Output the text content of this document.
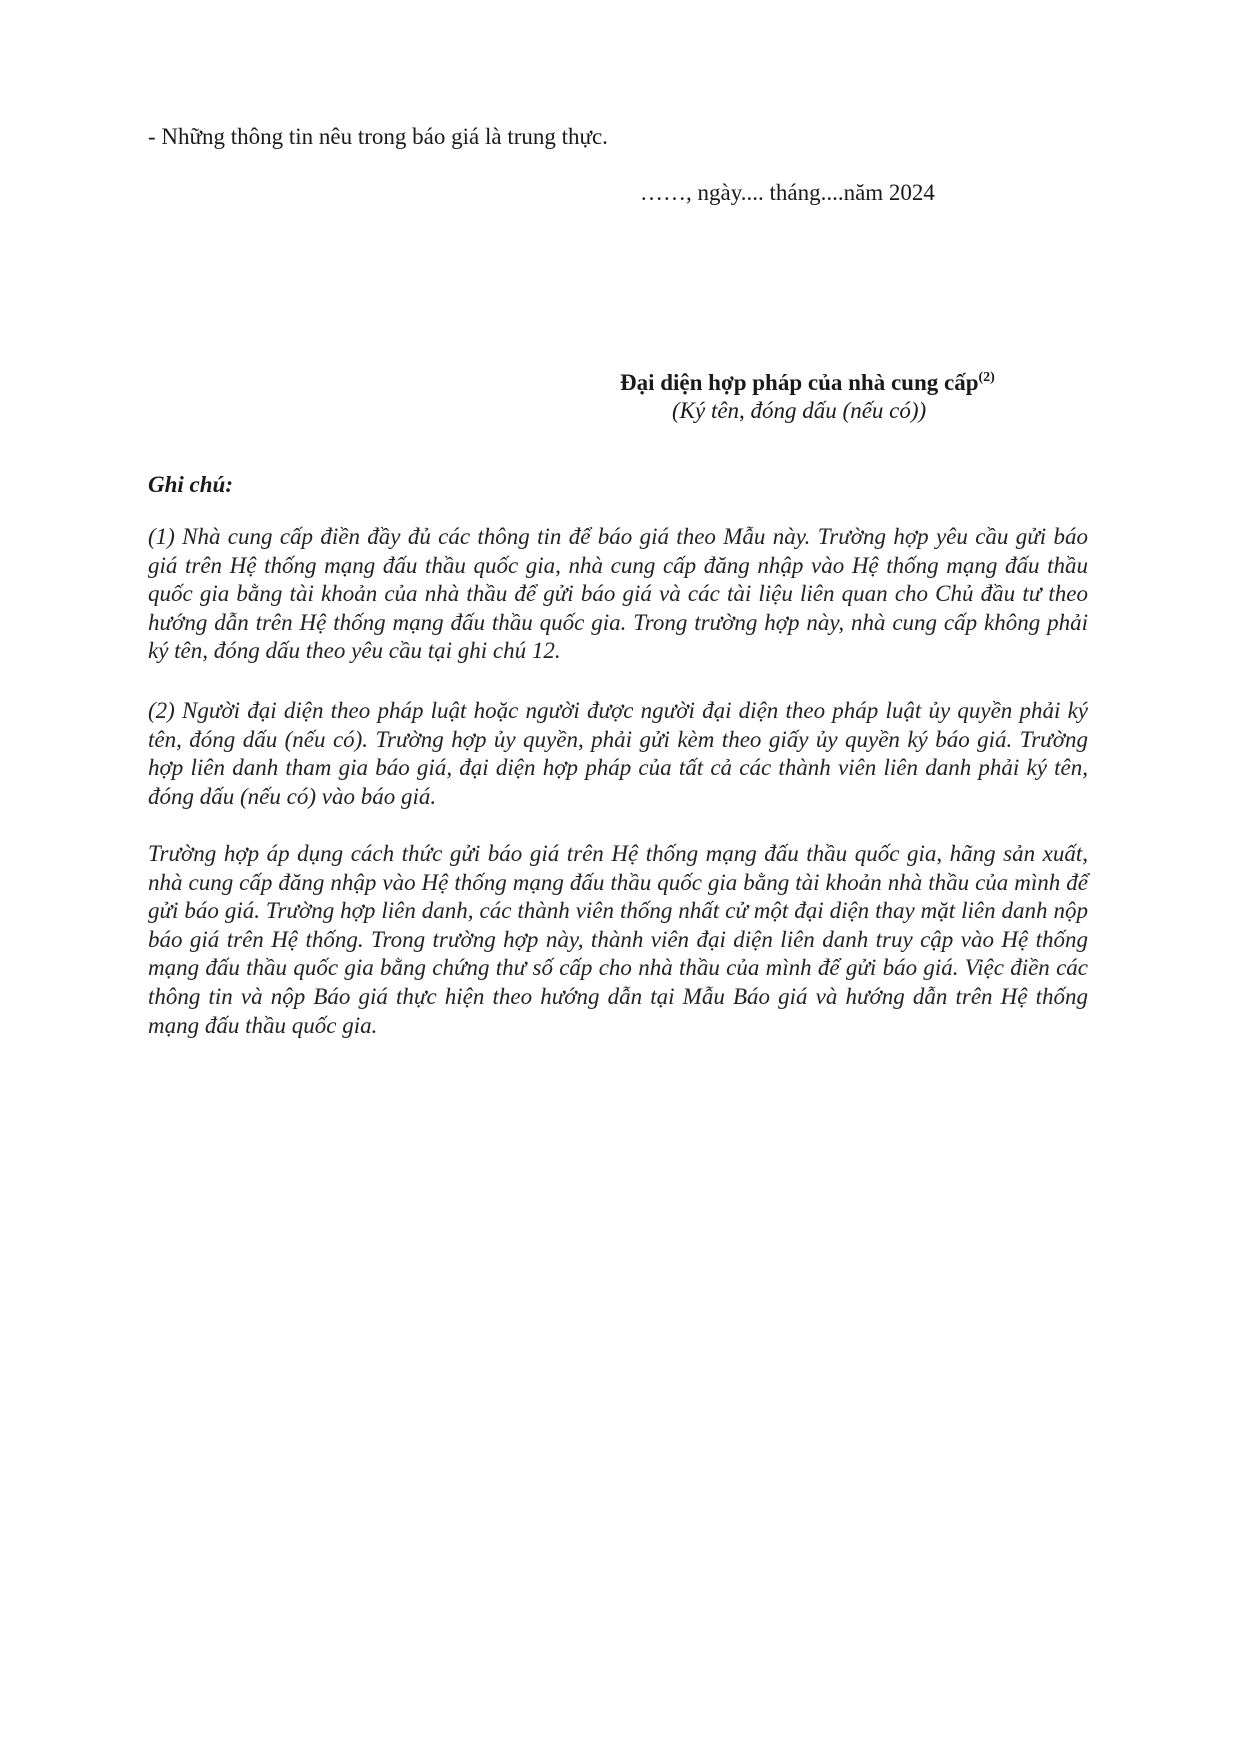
- Những thông tin nêu trong báo giá là trung thực.
……, ngày.... tháng....năm 2024
Đại diện hợp pháp của nhà cung cấp$^{(2)}$
(Ký tên, đóng dấu (nếu có))
Ghi chú:
(1) Nhà cung cấp điền đầy đủ các thông tin để báo giá theo Mẫu này. Trường hợp yêu cầu gửi báo giá trên Hệ thống mạng đấu thầu quốc gia, nhà cung cấp đăng nhập vào Hệ thống mạng đấu thầu quốc gia bằng tài khoản của nhà thầu để gửi báo giá và các tài liệu liên quan cho Chủ đầu tư theo hướng dẫn trên Hệ thống mạng đấu thầu quốc gia. Trong trường hợp này, nhà cung cấp không phải ký tên, đóng dấu theo yêu cầu tại ghi chú 12.
(2) Người đại diện theo pháp luật hoặc người được người đại diện theo pháp luật ủy quyền phải ký tên, đóng dấu (nếu có). Trường hợp ủy quyền, phải gửi kèm theo giấy ủy quyền ký báo giá. Trường hợp liên danh tham gia báo giá, đại diện hợp pháp của tất cả các thành viên liên danh phải ký tên, đóng dấu (nếu có) vào báo giá.
Trường hợp áp dụng cách thức gửi báo giá trên Hệ thống mạng đấu thầu quốc gia, hãng sản xuất, nhà cung cấp đăng nhập vào Hệ thống mạng đấu thầu quốc gia bằng tài khoản nhà thầu của mình để gửi báo giá. Trường hợp liên danh, các thành viên thống nhất cử một đại diện thay mặt liên danh nộp báo giá trên Hệ thống. Trong trường hợp này, thành viên đại diện liên danh truy cập vào Hệ thống mạng đấu thầu quốc gia bằng chứng thư số cấp cho nhà thầu của mình để gửi báo giá. Việc điền các thông tin và nộp Báo giá thực hiện theo hướng dẫn tại Mẫu Báo giá và hướng dẫn trên Hệ thống mạng đấu thầu quốc gia.
